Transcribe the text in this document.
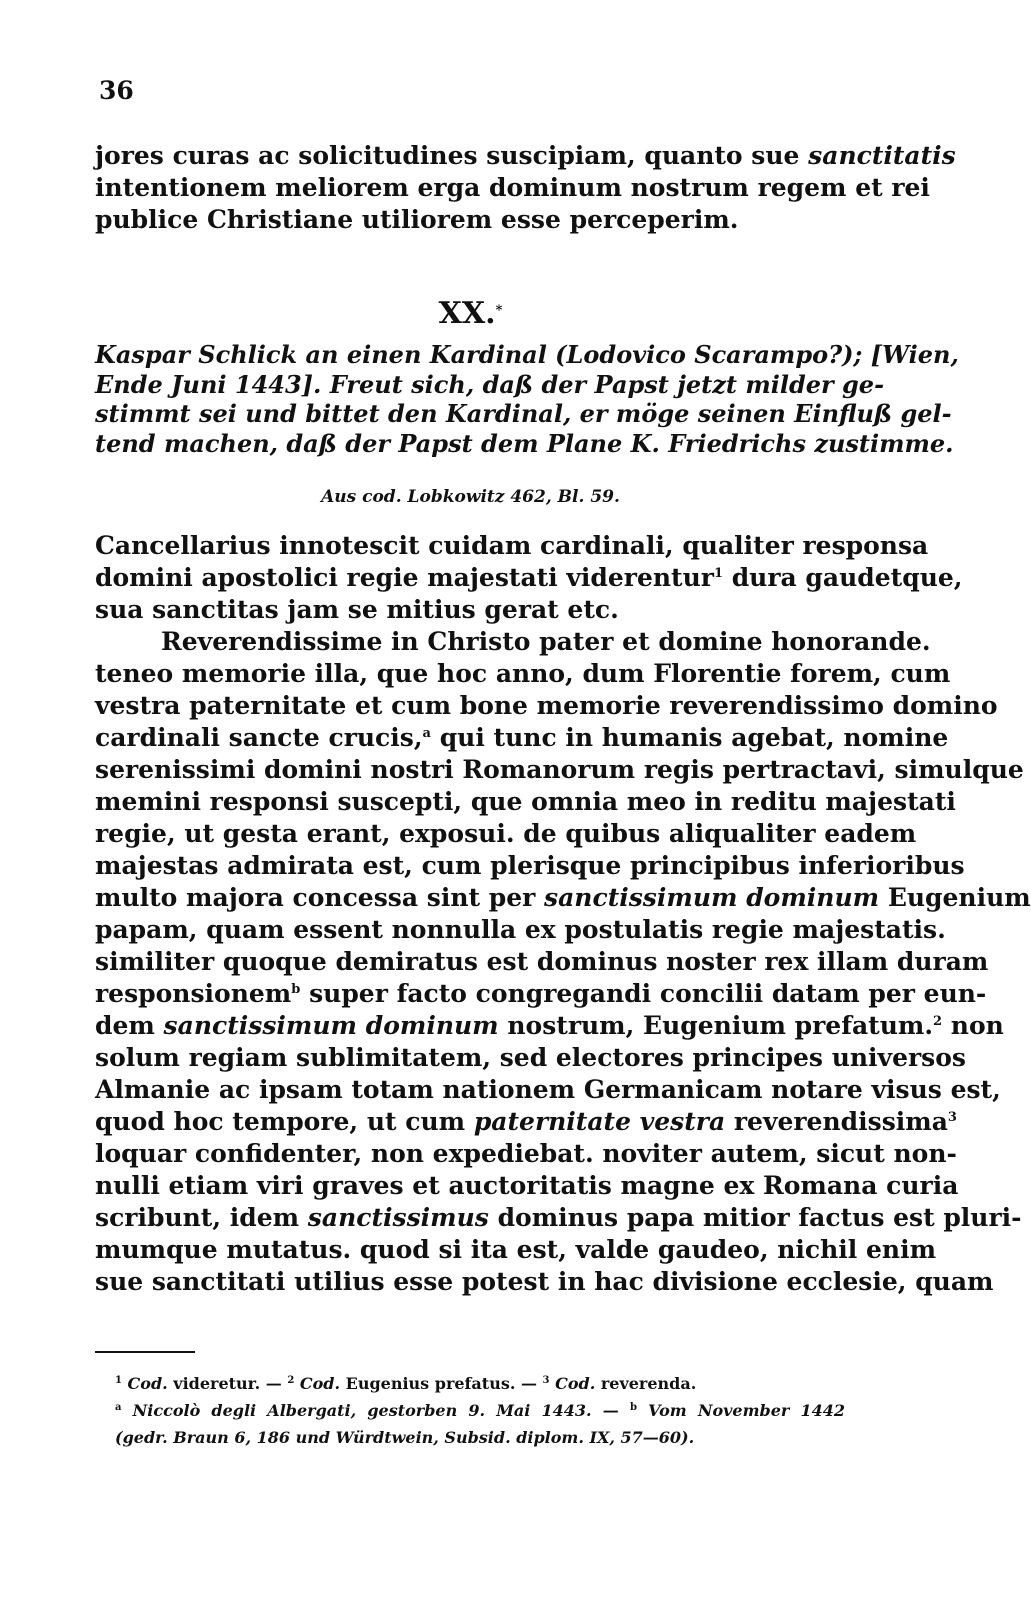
36
jores curas ac solicitudines suscipiam, quanto sue sanctitatis
intentionem meliorem erga dominum nostrum regem et rei
publice Christiane utiliorem esse perceperim.
XX.*
Kaspar Schlick an einen Kardinal (Lodovico Scarampo?); [Wien,
Ende Juni 1443]. Freut sich, daß der Papst jetzt milder ge-
stimmt sei und bittet den Kardinal, er möge seinen Einfluß gel-
tend machen, daß der Papst dem Plane K. Friedrichs zustimme.
Aus cod. Lobkowitz 462, Bl. 59.
Cancellarius innotescit cuidam cardinali, qualiter responsa
domini apostolici regie majestati viderentur$^1$ dura gaudetque,
sua sanctitas jam se mitius gerat etc.
Reverendissime in Christo pater et domine honorande.
teneo memorie illa, que hoc anno, dum Florentie forem, cum
vestra paternitate et cum bone memorie reverendissimo domino
cardinali sancte crucis,$^a$ qui tunc in humanis agebat, nomine
serenissimi domini nostri Romanorum regis pertractavi, simulque
memini responsi suscepti, que omnia meo in reditu majestati
regie, ut gesta erant, exposui. de quibus aliqualiter eadem
majestas admirata est, cum plerisque principibus inferioribus
multo majora concessa sint per sanctissimum dominum Eugenium
papam, quam essent nonnulla ex postulatis regie majestatis.
similiter quoque demiratus est dominus noster rex illam duram
responsionem$^b$ super facto congregandi concilii datam per eun-
dem sanctissimum dominum nostrum, Eugenium prefatum.$^2$ non
solum regiam sublimitatem, sed electores principes universos
Almanie ac ipsam totam nationem Germanicam notare visus est,
quod hoc tempore, ut cum paternitate vestra reverendissima$^3$
loquar confidenter, non expediebat. noviter autem, sicut non-
nulli etiam viri graves et auctoritatis magne ex Romana curia
scribunt, idem sanctissimus dominus papa mitior factus est pluri-
mumque mutatus. quod si ita est, valde gaudeo, nichil enim
sue sanctitati utilius esse potest in hac divisione ecclesie, quam
$^1$ Cod. videretur. — $^2$ Cod. Eugenius prefatus. — $^3$ Cod. reverenda.
$^a$ Niccolò degli Albergati, gestorben 9. Mai 1443. — $^b$ Vom November 1442
(gedr. Braun 6, 186 und Würdtwein, Subsid. diplom. IX, 57—60).
